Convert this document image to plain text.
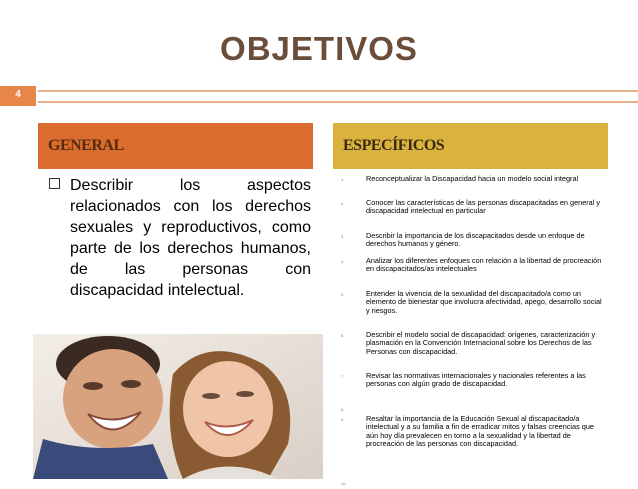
OBJETIVOS
4
GENERAL	ESPECÍFICOS
Describir los aspectos relacionados con los derechos sexuales y reproductivos, como parte de los derechos humanos, de las personas con discapacidad intelectual.
1.	Reconceptualizar la Discapacidad hacia un modelo social integral
2.	Conocer las características de las personas discapacitadas en general y discapacidad intelectual en particular
3.	Describir la importancia de los discapacitados desde un enfoque de derechos humanos y género.
4.	Analizar los diferentes enfoques con relación a la libertad de procreación en discapacitados/as intelectuales
5.	Entender la vivencia de la sexualidad del discapacitado/a como un elemento de bienestar que involucra afectividad, apego, desarrollo social y riesgos.
6.	Describir el modelo social de discapacidad: orígenes, caracterización y plasmación en la Convención Internacional sobre los Derechos de las Personas con discapacidad.
7.	Revisar las normativas internacionales y nacionales referentes a las personas con algún grado de discapacidad.
8.
9.	Resaltar la importancia de la Educación Sexual al discapacitado/a intelectual y a su familia a fin de erradicar mitos y falsas creencias que aún hoy día prevalecen en torno a la sexualidad y la libertad de procreación de las personas con discapacidad.
10.
